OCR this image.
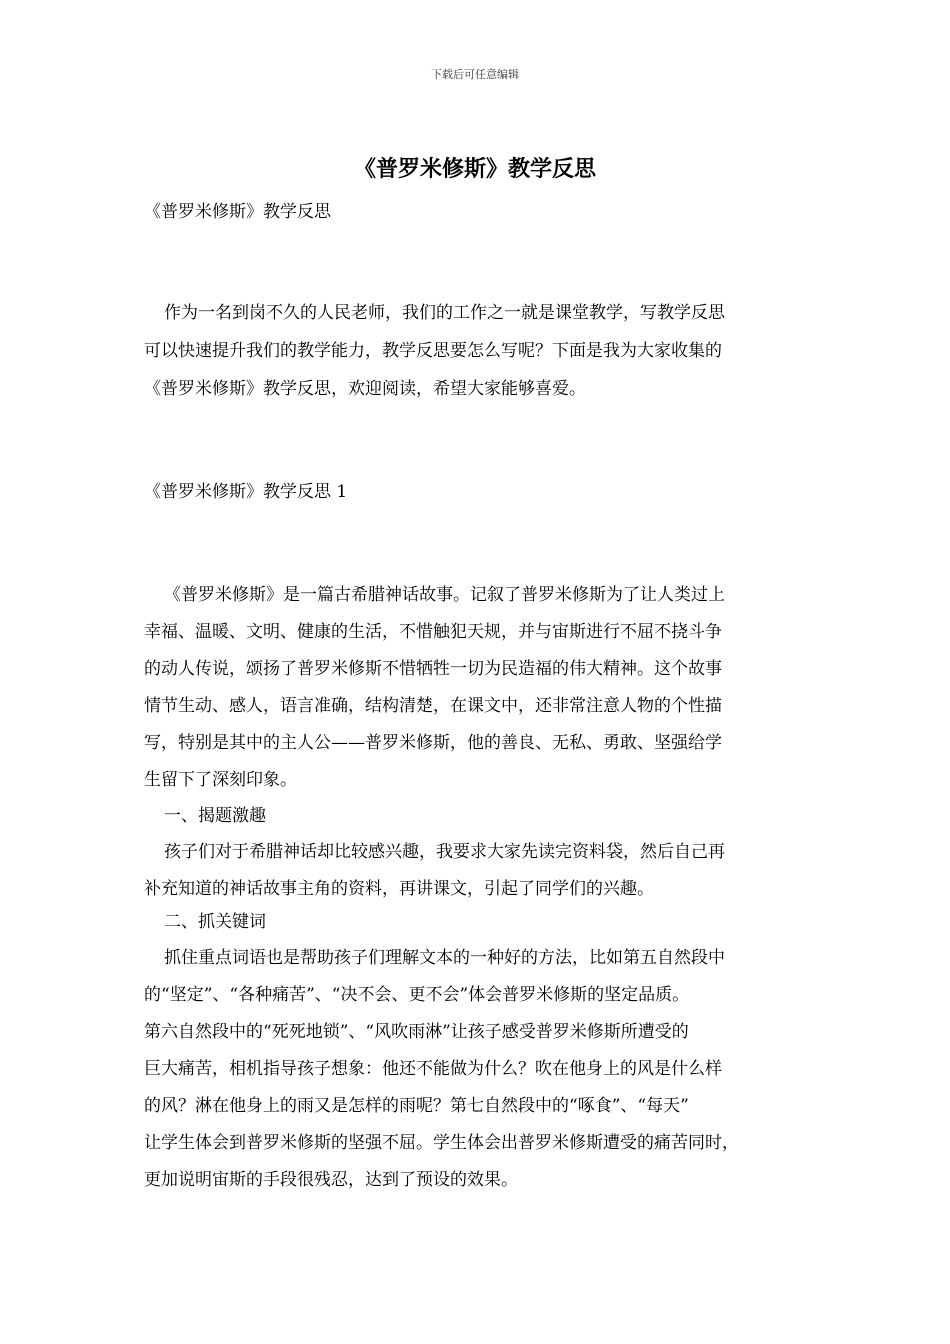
下载后可任意编辑
《普罗米修斯》教学反思

《普罗米修斯》教学反思

作为一名到岗不久的人民老师，我们的工作之一就是课堂教学，写教学反思

可以快速提升我们的教学能力，教学反思要怎么写呢？下面是我为大家收集的

《普罗米修斯》教学反思，欢迎阅读，希望大家能够喜爱。

《普罗米修斯》教学反思 1

《普罗米修斯》是一篇古希腊神话故事。记叙了普罗米修斯为了让人类过上

幸福、温暖、文明、健康的生活，不惜触犯天规，并与宙斯进行不屈不挠斗争

的动人传说，颂扬了普罗米修斯不惜牺牲一切为民造福的伟大精神。这个故事

情节生动、感人，语言准确，结构清楚，在课文中，还非常注意人物的个性描

写，特别是其中的主人公——普罗米修斯，他的善良、无私、勇敢、坚强给学

生留下了深刻印象。

一、揭题激趣

孩子们对于希腊神话却比较感兴趣，我要求大家先读完资料袋，然后自己再

补充知道的神话故事主角的资料，再讲课文，引起了同学们的兴趣。

二、抓关键词

抓住重点词语也是帮助孩子们理解文本的一种好的方法，比如第五自然段中

的“坚定”、“各种痛苦”、“决不会、更不会”体会普罗米修斯的坚定品质。

第六自然段中的“死死地锁”、“风吹雨淋”让孩子感受普罗米修斯所遭受的

巨大痛苦，相机指导孩子想象：他还不能做为什么？吹在他身上的风是什么样

的风？淋在他身上的雨又是怎样的雨呢？第七自然段中的“啄食”、“每天”

让学生体会到普罗米修斯的坚强不屈。学生体会出普罗米修斯遭受的痛苦同时，

更加说明宙斯的手段很残忍，达到了预设的效果。
